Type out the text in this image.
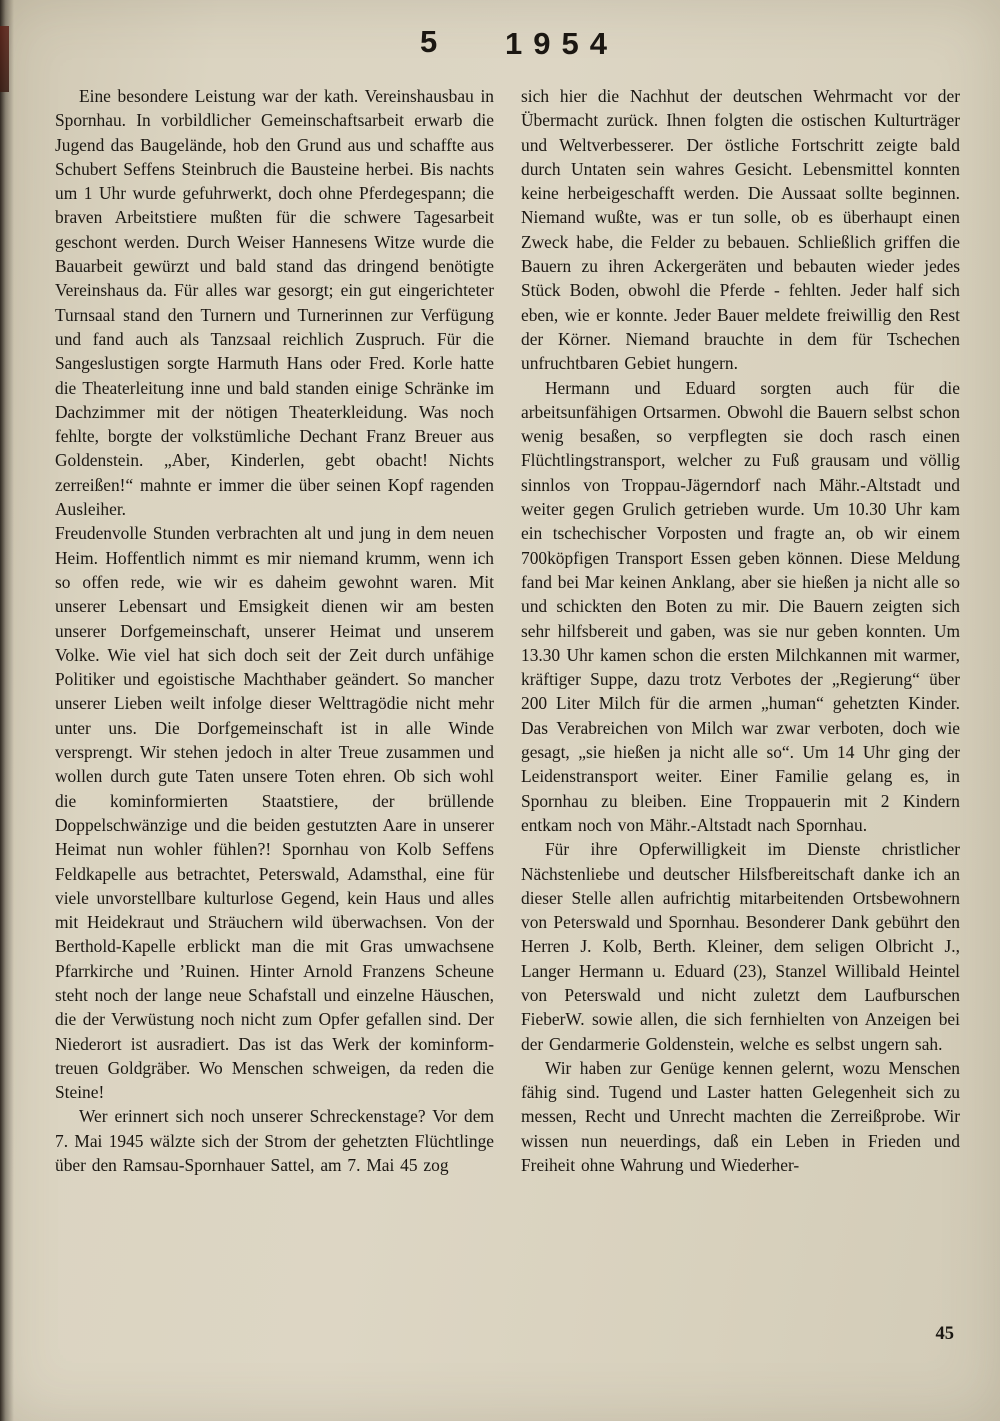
5 1954

Eine besondere Leistung war der kath. Vereinshausbau in Spornhau. In vorbildlicher Gemeinschaftsarbeit erwarb die Jugend das Baugelände, hob den Grund aus und schaffte aus Schubert Seffens Steinbruch die Bausteine herbei. Bis nachts um 1 Uhr wurde gefuhrwerkt, doch ohne Pferdegespann; die braven Arbeitstiere mußten für die schwere Tagesarbeit geschont werden. Durch Weiser Hannesens Witze wurde die Bauarbeit gewürzt und bald stand das dringend benötigte Vereinshaus da. Für alles war gesorgt; ein gut eingerichteter Turnsaal stand den Turnern und Turnerinnen zur Verfügung und fand auch als Tanzsaal reichlich Zuspruch. Für die Sangeslustigen sorgte Harmuth Hans oder Fred. Korle hatte die Theaterleitung inne und bald standen einige Schränke im Dachzimmer mit der nötigen Theaterkleidung. Was noch fehlte, borgte der volkstümliche Dechant Franz Breuer aus Goldenstein. „Aber, Kinderlen, gebt obacht! Nichts zerreißen!“ mahnte er immer die über seinen Kopf ragenden Ausleiher.

Freudenvolle Stunden verbrachten alt und jung in dem neuen Heim. Hoffentlich nimmt es mir niemand krumm, wenn ich so offen rede, wie wir es daheim gewohnt waren. Mit unserer Lebensart und Emsigkeit dienen wir am besten unserer Dorfgemeinschaft, unserer Heimat und unserem Volke. Wie viel hat sich doch seit der Zeit durch unfähige Politiker und egoistische Machthaber geändert. So mancher unserer Lieben weilt infolge dieser Welttragödie nicht mehr unter uns. Die Dorfgemeinschaft ist in alle Winde versprengt. Wir stehen jedoch in alter Treue zusammen und wollen durch gute Taten unsere Toten ehren. Ob sich wohl die kominformierten Staatstiere, der brüllende Doppelschwänzige und die beiden gestutzten Aare in unserer Heimat nun wohler fühlen?! Spornhau von Kolb Seffens Feldkapelle aus betrachtet, Peterswald, Adamsthal, eine für viele unvorstellbare kulturlose Gegend, kein Haus und alles mit Heidekraut und Sträuchern wild überwachsen. Von der Berthold-Kapelle erblickt man die mit Gras umwachsene Pfarrkirche und ’Ruinen. Hinter Arnold Franzens Scheune steht noch der lange neue Schafstall und einzelne Häuschen, die der Verwüstung noch nicht zum Opfer gefallen sind. Der Niederort ist ausradiert. Das ist das Werk der kominform-treuen Goldgräber. Wo Menschen schweigen, da reden die Steine!

Wer erinnert sich noch unserer Schreckenstage? Vor dem 7. Mai 1945 wälzte sich der Strom der gehetzten Flüchtlinge über den Ramsau-Spornhauer Sattel, am 7. Mai 45 zog

sich hier die Nachhut der deutschen Wehrmacht vor der Übermacht zurück. Ihnen folgten die ostischen Kulturträger und Weltverbesserer. Der östliche Fortschritt zeigte bald durch Untaten sein wahres Gesicht. Lebensmittel konnten keine herbeigeschafft werden. Die Aussaat sollte beginnen. Niemand wußte, was er tun solle, ob es überhaupt einen Zweck habe, die Felder zu bebauen. Schließlich griffen die Bauern zu ihren Ackergeräten und bebauten wieder jedes Stück Boden, obwohl die Pferde - fehlten. Jeder half sich eben, wie er konnte. Jeder Bauer meldete freiwillig den Rest der Körner. Niemand brauchte in dem für Tschechen unfruchtbaren Gebiet hungern.

Hermann und Eduard sorgten auch für die arbeitsunfähigen Ortsarmen. Obwohl die Bauern selbst schon wenig besaßen, so verpflegten sie doch rasch einen Flüchtlingstransport, welcher zu Fuß grausam und völlig sinnlos von Troppau-Jägerndorf nach Mähr.-Altstadt und weiter gegen Grulich getrieben wurde. Um 10.30 Uhr kam ein tschechischer Vorposten und fragte an, ob wir einem 700köpfigen Transport Essen geben können. Diese Meldung fand bei Mar keinen Anklang, aber sie hießen ja nicht alle so und schickten den Boten zu mir. Die Bauern zeigten sich sehr hilfsbereit und gaben, was sie nur geben konnten. Um 13.30 Uhr kamen schon die ersten Milchkannen mit warmer, kräftiger Suppe, dazu trotz Verbotes der „Regierung“ über 200 Liter Milch für die armen „human“ gehetzten Kinder. Das Verabreichen von Milch war zwar verboten, doch wie gesagt, „sie hießen ja nicht alle so“. Um 14 Uhr ging der Leidenstransport weiter. Einer Familie gelang es, in Spornhau zu bleiben. Eine Troppauerin mit 2 Kindern entkam noch von Mähr.-Altstadt nach Spornhau.

Für ihre Opferwilligkeit im Dienste christlicher Nächstenliebe und deutscher Hilsfbereitschaft danke ich an dieser Stelle allen aufrichtig mitarbeitenden Ortsbewohnern von Peterswald und Spornhau. Besonderer Dank gebührt den Herren J. Kolb, Berth. Kleiner, dem seligen Olbricht J., Langer Hermann u. Eduard (23), Stanzel Willibald Heintel von Peterswald und nicht zuletzt dem Laufburschen FieberW. sowie allen, die sich fernhielten von Anzeigen bei der Gendarmerie Goldenstein, welche es selbst ungern sah.

Wir haben zur Genüge kennen gelernt, wozu Menschen fähig sind. Tugend und Laster hatten Gelegenheit sich zu messen, Recht und Unrecht machten die Zerreißprobe. Wir wissen nun neuerdings, daß ein Leben in Frieden und Freiheit ohne Wahrung und Wiederher-

45
